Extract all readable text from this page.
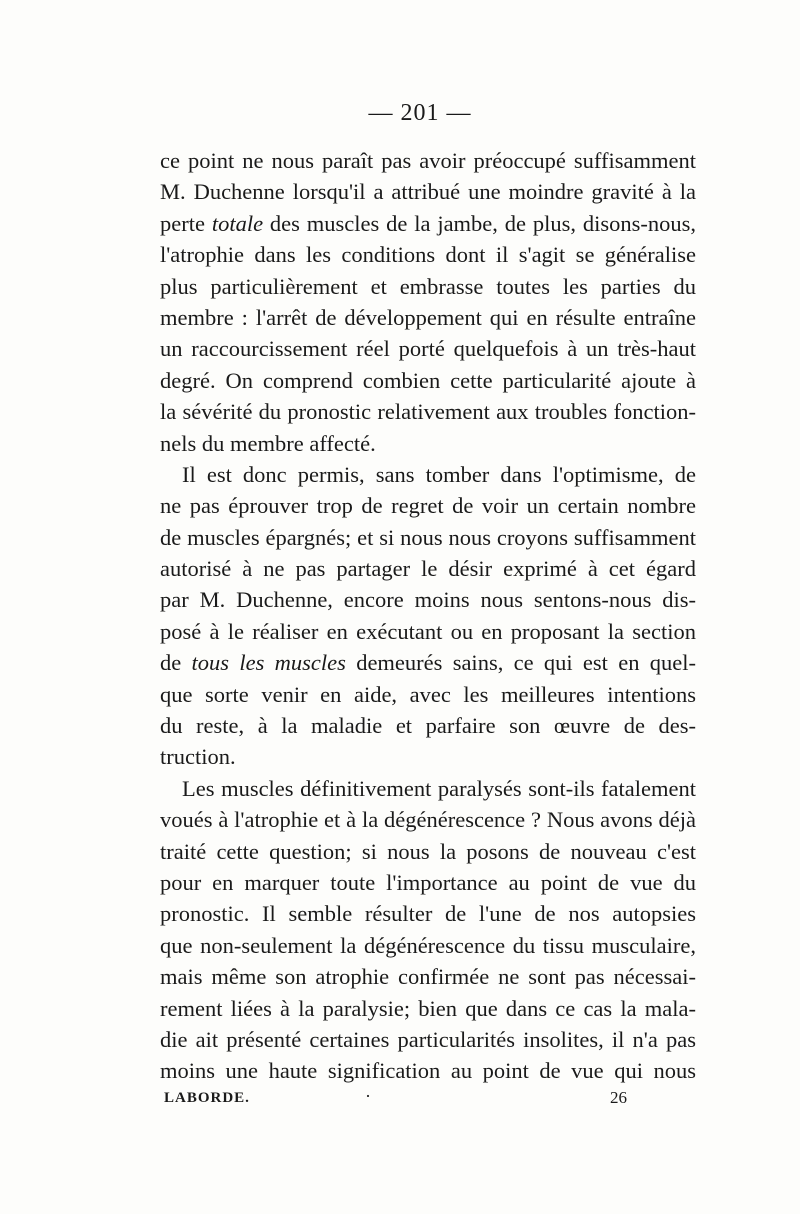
— 201 —
ce point ne nous paraît pas avoir préoccupé suffisamment
M. Duchenne lorsqu'il a attribué une moindre gravité à la
perte totale des muscles de la jambe, de plus, disons-nous,
l'atrophie dans les conditions dont il s'agit se généralise
plus particulièrement et embrasse toutes les parties du
membre : l'arrêt de développement qui en résulte entraîne
un raccourcissement réel porté quelquefois à un très-haut
degré. On comprend combien cette particularité ajoute à
la sévérité du pronostic relativement aux troubles fonction-
nels du membre affecté.
Il est donc permis, sans tomber dans l'optimisme, de
ne pas éprouver trop de regret de voir un certain nombre
de muscles épargnés; et si nous nous croyons suffisamment
autorisé à ne pas partager le désir exprimé à cet égard
par M. Duchenne, encore moins nous sentons-nous dis-
posé à le réaliser en exécutant ou en proposant la section
de tous les muscles demeurés sains, ce qui est en quel-
que sorte venir en aide, avec les meilleures intentions
du reste, à la maladie et parfaire son œuvre de des-
truction.
Les muscles définitivement paralysés sont-ils fatalement
voués à l'atrophie et à la dégénérescence ? Nous avons déjà
traité cette question; si nous la posons de nouveau c'est
pour en marquer toute l'importance au point de vue du
pronostic. Il semble résulter de l'une de nos autopsies
que non-seulement la dégénérescence du tissu musculaire,
mais même son atrophie confirmée ne sont pas nécessai-
rement liées à la paralysie; bien que dans ce cas la mala-
die ait présenté certaines particularités insolites, il n'a pas
moins une haute signification au point de vue qui nous
LABORDE.	·	26
